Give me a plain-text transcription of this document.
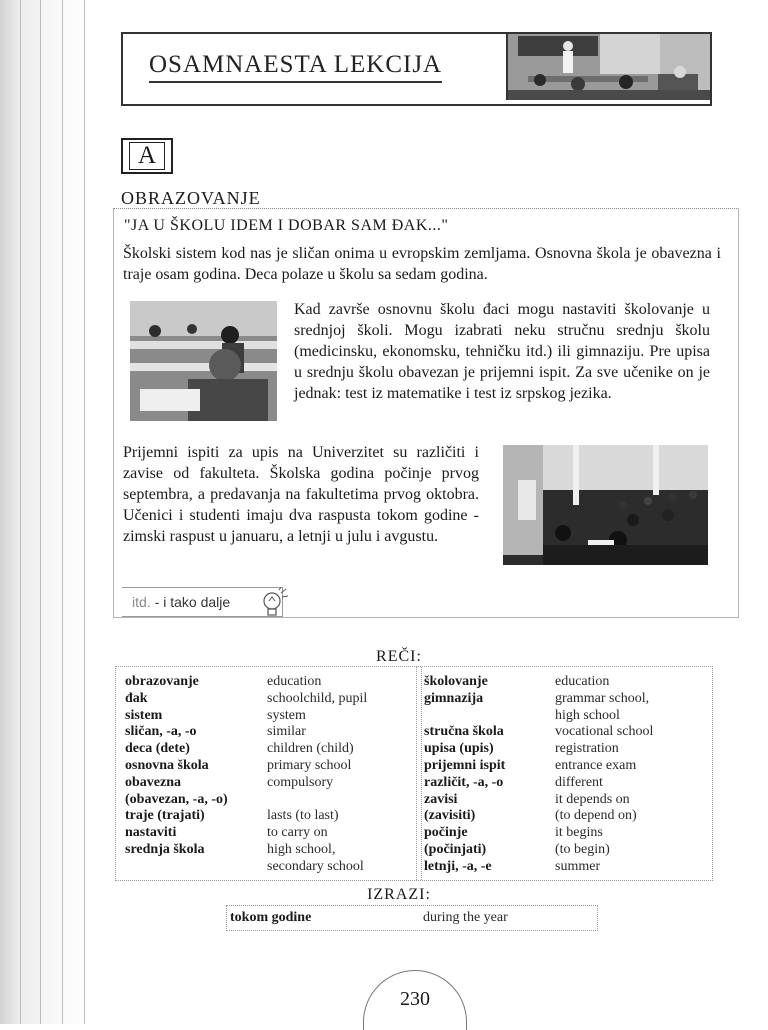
OSAMNAESTA LEKCIJA
A
OBRAZOVANJE
"JA U ŠKOLU IDEM I DOBAR SAM ĐAK..."

Školski sistem kod nas je sličan onima u evropskim zemljama. Osnovna škola je obavezna i traje osam godina. Deca polaze u školu sa sedam godina.

Kad završe osnovnu školu đaci mogu nastaviti školovanje u srednjoj školi. Mogu izabrati neku stručnu srednju školu (medicinsku, ekonomsku, tehničku itd.) ili gimnaziju. Pre upisa u srednju školu obavezan je prijemni ispit. Za sve učenike on je jednak: test iz matematike i test iz srpskog jezika.

Prijemni ispiti za upis na Univerzitet su različiti i zavise od fakulteta. Školska godina počinje prvog septembra, a predavanja na fakultetima prvog oktobra. Učenici i studenti imaju dva raspusta tokom godine - zimski raspust u januaru, a letnji u julu i avgustu.

itd. - i tako dalje
REČI:
obrazovanje
đak
sistem
sličan, -a, -o
deca (dete)
osnovna škola
obavezna
(obavezan, -a, -o)
traje (trajati)
nastaviti
srednja škola
education
schoolchild, pupil
system
similar
children (child)
primary school
compulsory
lasts (to last)
to carry on
high school,
secondary school
školovanje
gimnazija
stručna škola
upisa (upis)
prijemni ispit
različit, -a, -o
zavisi
(zavisiti)
počinje
(počinjati)
letnji, -a, -e
education
grammar school,
high school
vocational school
registration
entrance exam
different
it depends on
(to depend on)
it begins
(to begin)
summer
IZRAZI:
tokom godine	during the year
230
